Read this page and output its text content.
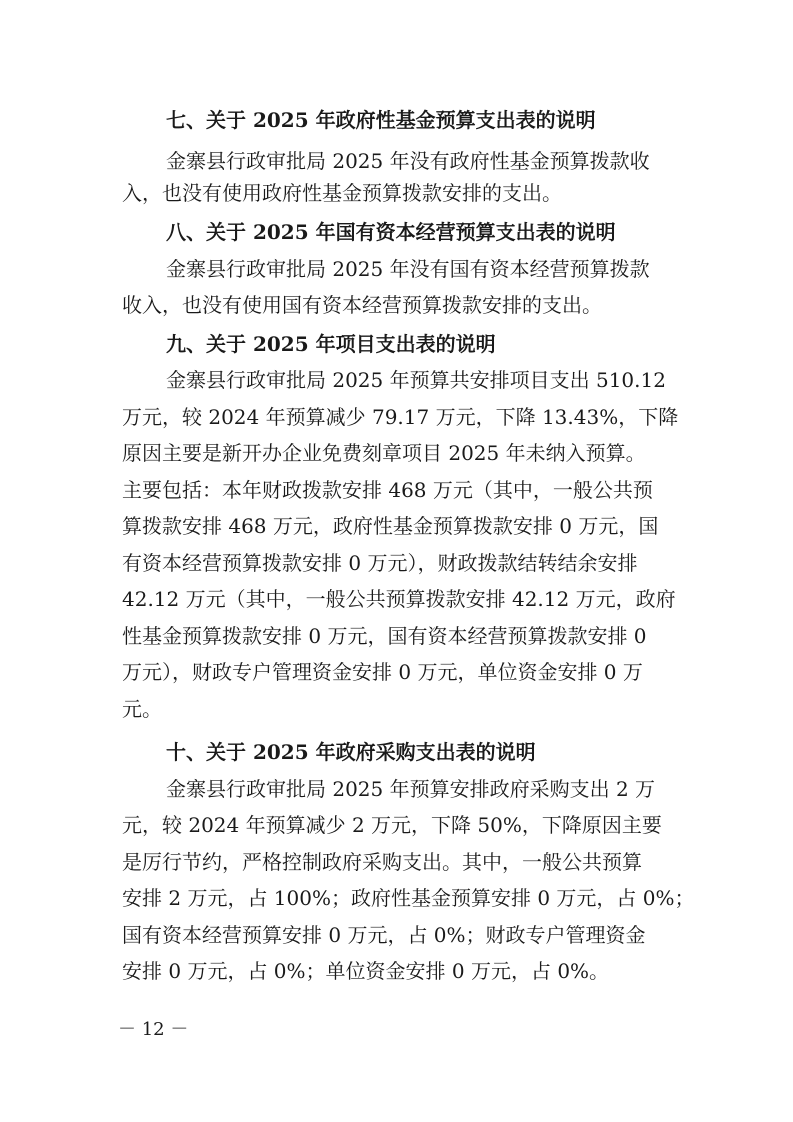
七、关于 2025 年政府性基金预算支出表的说明
金寨县行政审批局 2025 年没有政府性基金预算拨款收
入，也没有使用政府性基金预算拨款安排的支出。
八、关于 2025 年国有资本经营预算支出表的说明
金寨县行政审批局 2025 年没有国有资本经营预算拨款
收入，也没有使用国有资本经营预算拨款安排的支出。
九、关于 2025 年项目支出表的说明
金寨县行政审批局 2025 年预算共安排项目支出 510.12
万元，较 2024 年预算减少 79.17 万元，下降 13.43%，下降
原因主要是新开办企业免费刻章项目 2025 年未纳入预算。
主要包括：本年财政拨款安排 468 万元（其中，一般公共预
算拨款安排 468 万元，政府性基金预算拨款安排 0 万元，国
有资本经营预算拨款安排 0 万元），财政拨款结转结余安排
42.12 万元（其中，一般公共预算拨款安排 42.12 万元，政府
性基金预算拨款安排 0 万元，国有资本经营预算拨款安排 0
万元），财政专户管理资金安排 0 万元，单位资金安排 0 万
元。
十、关于 2025 年政府采购支出表的说明
金寨县行政审批局 2025 年预算安排政府采购支出 2 万
元，较 2024 年预算减少 2 万元，下降 50%，下降原因主要
是厉行节约，严格控制政府采购支出。其中，一般公共预算
安排 2 万元，占 100%；政府性基金预算安排 0 万元，占 0%；
国有资本经营预算安排 0 万元，占 0%；财政专户管理资金
安排 0 万元，占 0%；单位资金安排 0 万元，占 0%。
－ 12 －
